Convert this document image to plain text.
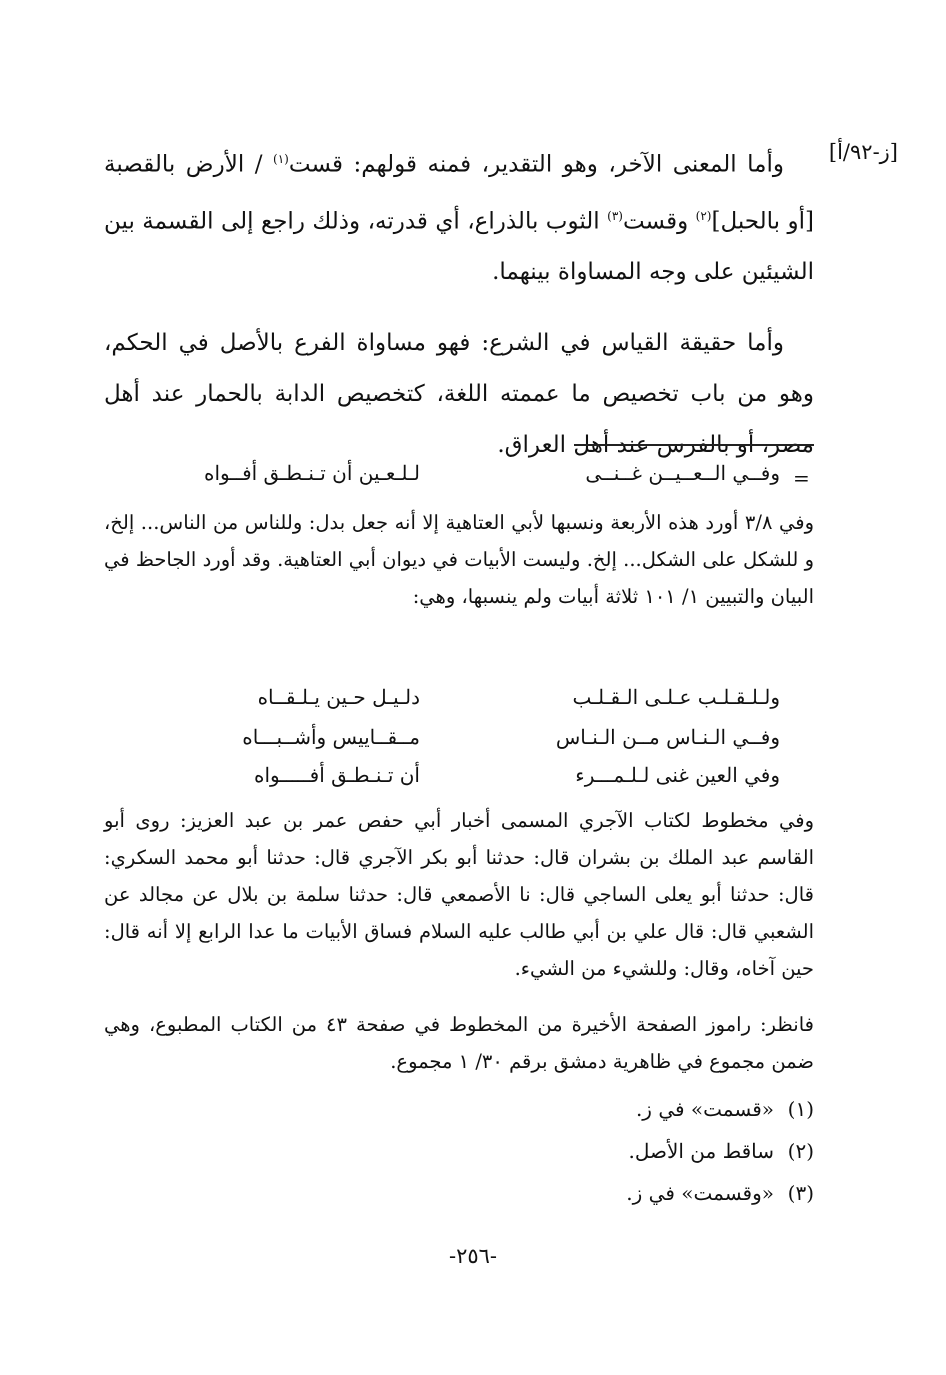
[ز-٩٢/أ]

وأما المعنى الآخر، وهو التقدير، فمنه قولهم: قست$^{(١)}$ / الأرض بالقصبة [أو بالحبل]$^{(٢)}$ وقست$^{(٣)}$ الثوب بالذراع، أي قدرته، وذلك راجع إلى القسمة بين الشيئين على وجه المساواة بينهما.

وأما حقيقة القياس في الشرع: فهو مساواة الفرع بالأصل في الحكم، وهو من باب تخصيص ما عممته اللغة، كتخصيص الدابة بالحمار عند أهل مصر، أو بالفرس عند أهل العراق.

=
وفــي الــعــيــن غــنــى
لـلـعـين أن تـنـطـق أفــواه

وفي ٣/٨ أورد هذه الأربعة ونسبها لأبي العتاهية إلا أنه جعل بدل: وللناس من الناس... إلخ، و للشكل على الشكل... إلخ. وليست الأبيات في ديوان أبي العتاهية. وقد أورد الجاحظ في البيان والتبيين ١/ ١٠١ ثلاثة أبيات ولم ينسبها، وهي:

ولـلـقـلـب عـلـى الـقـلـب
دلـيـل حـين يـلـقــاه
وفــي الـنـاس مــن الـنـاس
مــقــاييس وأشــبـــاه
وفي العين غنى لـلـمـــرء
أن تـنـطـق أفـــــواه

وفي مخطوط لكتاب الآجري المسمى أخبار أبي حفص عمر بن عبد العزيز: روى أبو القاسم عبد الملك بن بشران قال: حدثنا أبو بكر الآجري قال: حدثنا أبو محمد السكري: قال: حدثنا أبو يعلى الساجي قال: نا الأصمعي قال: حدثنا سلمة بن بلال عن مجالد عن الشعبي قال: قال علي بن أبي طالب عليه السلام فساق الأبيات ما عدا الرابع إلا أنه قال: حين آخاه، وقال: وللشيء من الشيء.

فانظر: راموز الصفحة الأخيرة من المخطوط في صفحة ٤٣ من الكتاب المطبوع، وهي ضمن مجموع في ظاهرية دمشق برقم ٣٠/ ١ مجموع.

(١)«قسمت» في ز.

(٢)ساقط من الأصل.

(٣)«وقسمت» في ز.

-٢٥٦-
